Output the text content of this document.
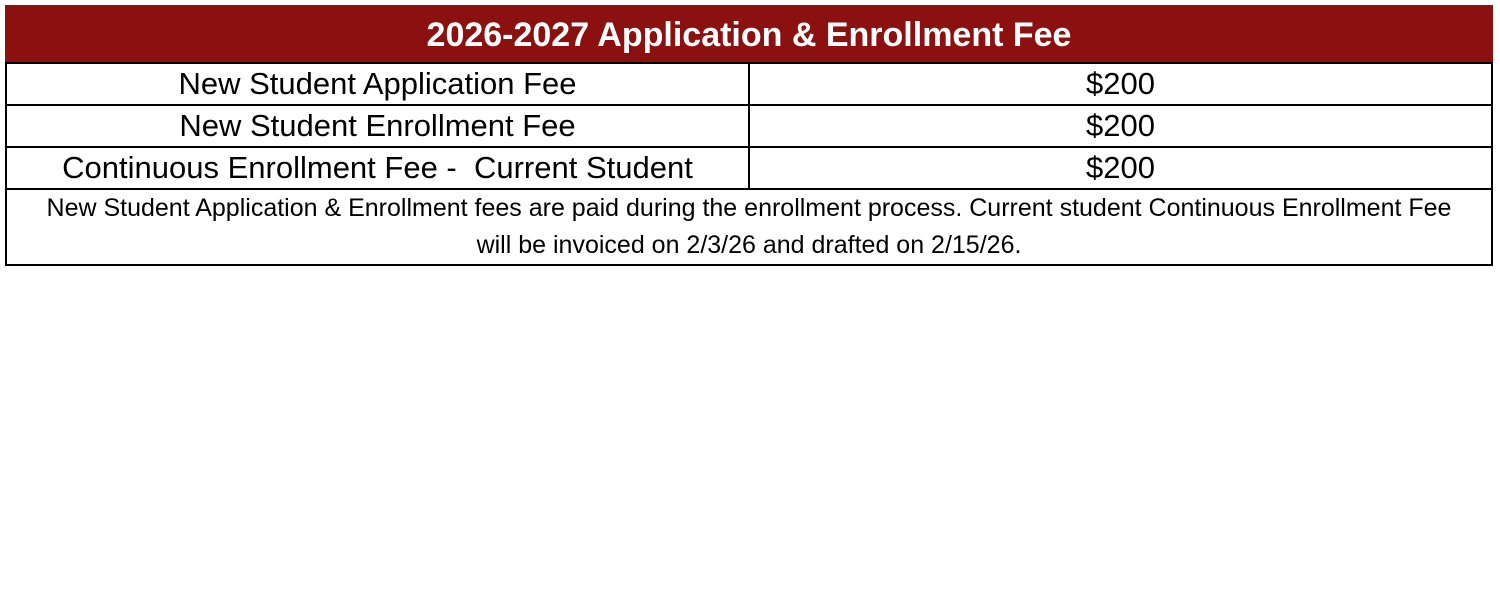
2026-2027 Application & Enrollment Fee	
New Student Application Fee	$200
New Student Enrollment Fee	$200
Continuous Enrollment Fee -  Current Student	$200
New Student Application & Enrollment fees are paid during the enrollment process. Current student Continuous Enrollment Fee will be invoiced on 2/3/26 and drafted on 2/15/26.	
